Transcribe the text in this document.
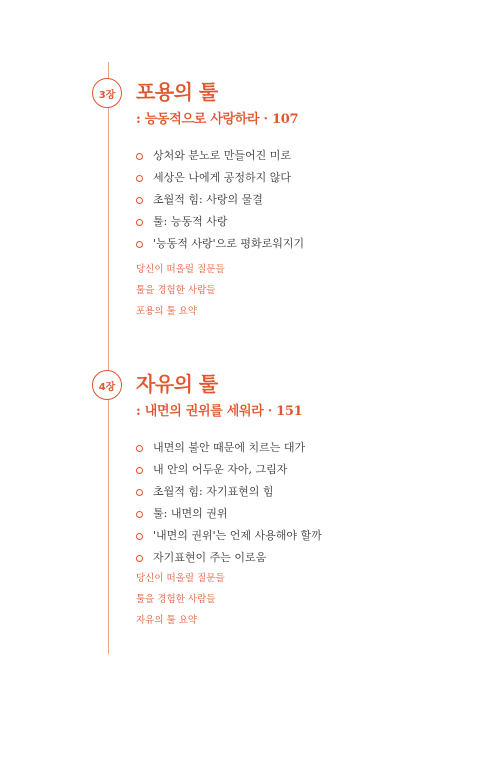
3장	포용의 툴
: 능동적으로 사랑하라 · 107
상처와 분노로 만들어진 미로
세상은 나에게 공정하지 않다
초월적 힘: 사랑의 물결
툴: 능동적 사랑
'능동적 사랑'으로 평화로워지기
당신이 떠올릴 질문들
툴을 경험한 사람들
포용의 툴 요약
4장	자유의 툴
: 내면의 권위를 세워라 · 151
내면의 불안 때문에 치르는 대가
내 안의 어두운 자아, 그림자
초월적 힘: 자기표현의 힘
툴: 내면의 권위
'내면의 권위'는 언제 사용해야 할까
자기표현이 주는 이로움
당신이 떠올릴 질문들
툴을 경험한 사람들
자유의 툴 요약
